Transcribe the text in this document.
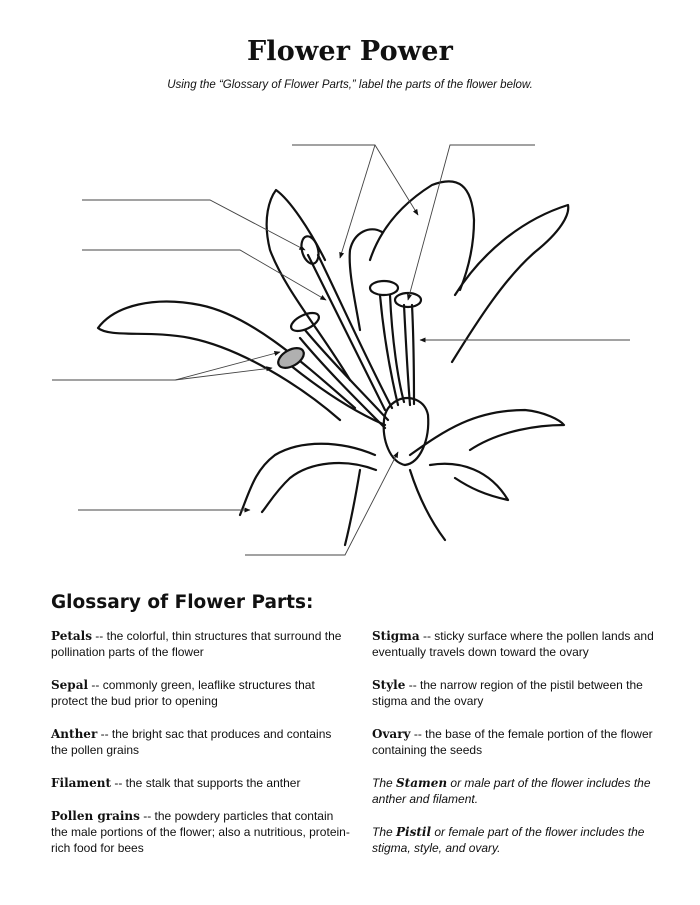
Flower Power
Using the “Glossary of Flower Parts,” label the parts of the flower below.
Glossary of Flower Parts:

Petals -- the colorful, thin structures that surround the pollination parts of the flower

Sepal -- commonly green, leaflike structures that protect the bud prior to opening

Anther -- the bright sac that produces and contains the pollen grains

Filament -- the stalk that supports the anther

Pollen grains -- the powdery particles that contain the male portions of the flower; also a nutritious, protein-rich food for bees

Stigma -- sticky surface where the pollen lands and eventually travels down toward the ovary

Style -- the narrow region of the pistil between the stigma and the ovary

Ovary -- the base of the female portion of the flower containing the seeds

The Stamen or male part of the flower includes the anther and filament.

The Pistil or female part of the flower includes the stigma, style, and ovary.
